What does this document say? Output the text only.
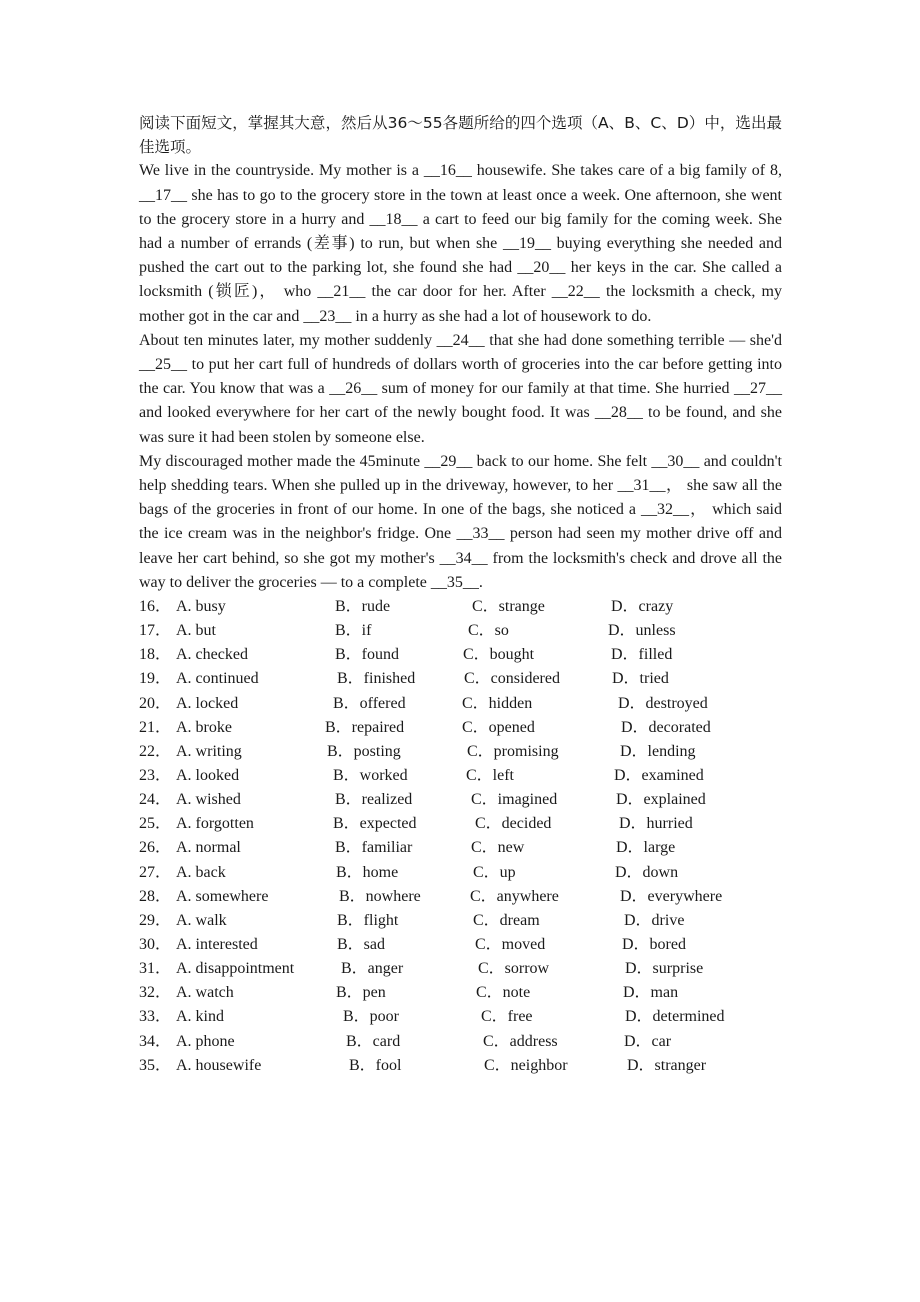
阅读下面短文，掌握其大意，然后从36～55各题所给的四个选项（A、B、C、D）中，选出最佳选项。

We live in the countryside. My mother is a __16__ housewife. She takes care of a big family of 8, __17__ she has to go to the grocery store in the town at least once a week. One afternoon, she went to the grocery store in a hurry and __18__ a cart to feed our big family for the coming week. She had a number of errands (差事) to run, but when she __19__ buying everything she needed and pushed the cart out to the parking lot, she found she had __20__ her keys in the car. She called a locksmith (锁匠)， who __21__ the car door for her. After __22__ the locksmith a check, my mother got in the car and __23__ in a hurry as she had a lot of housework to do.

About ten minutes later, my mother suddenly __24__ that she had done something terrible — she'd __25__ to put her cart full of hundreds of dollars worth of groceries into the car before getting into the car. You know that was a __26__ sum of money for our family at that time. She hurried __27__ and looked everywhere for her cart of the newly bought food. It was __28__ to be found, and she was sure it had been stolen by someone else.

My discouraged mother made the 45minute __29__ back to our home. She felt __30__ and couldn't help shedding tears. When she pulled up in the driveway, however, to her __31__， she saw all the bags of the groceries in front of our home. In one of the bags, she noticed a __32__， which said the ice cream was in the neighbor's fridge. One __33__ person had seen my mother drive off and leave her cart behind, so she got my mother's __34__ from the locksmith's check and drove all the way to deliver the groceries — to a complete __35__.

16． A. busy	B．rude	C．strange	D．crazy
17． A. but	B．if	C．so	D．unless
18． A. checked	B．found	C．bought	D．filled
19． A. continued	B．finished	C．considered	D．tried
20． A. locked	B．offered	C．hidden	D．destroyed
21． A. broke	B．repaired	C．opened	D．decorated
22． A. writing	B．posting	C．promising	D．lending
23． A. looked	B．worked	C．left	D．examined
24． A. wished	B．realized	C．imagined	D．explained
25． A. forgotten	B．expected	C．decided	D．hurried
26． A. normal	B．familiar	C．new	D．large
27． A. back	B．home	C．up	D．down
28． A. somewhere	B．nowhere	C．anywhere	D．everywhere
29． A. walk	B．flight	C．dream	D．drive
30． A. interested	B．sad	C．moved	D．bored
31． A. disappointment	B．anger	C．sorrow	D．surprise
32． A. watch	B．pen	C．note	D．man
33． A. kind	B．poor	C．free	D．determined
34． A. phone	B．card	C．address	D．car
35． A. housewife	B．fool	C．neighbor	D．stranger
